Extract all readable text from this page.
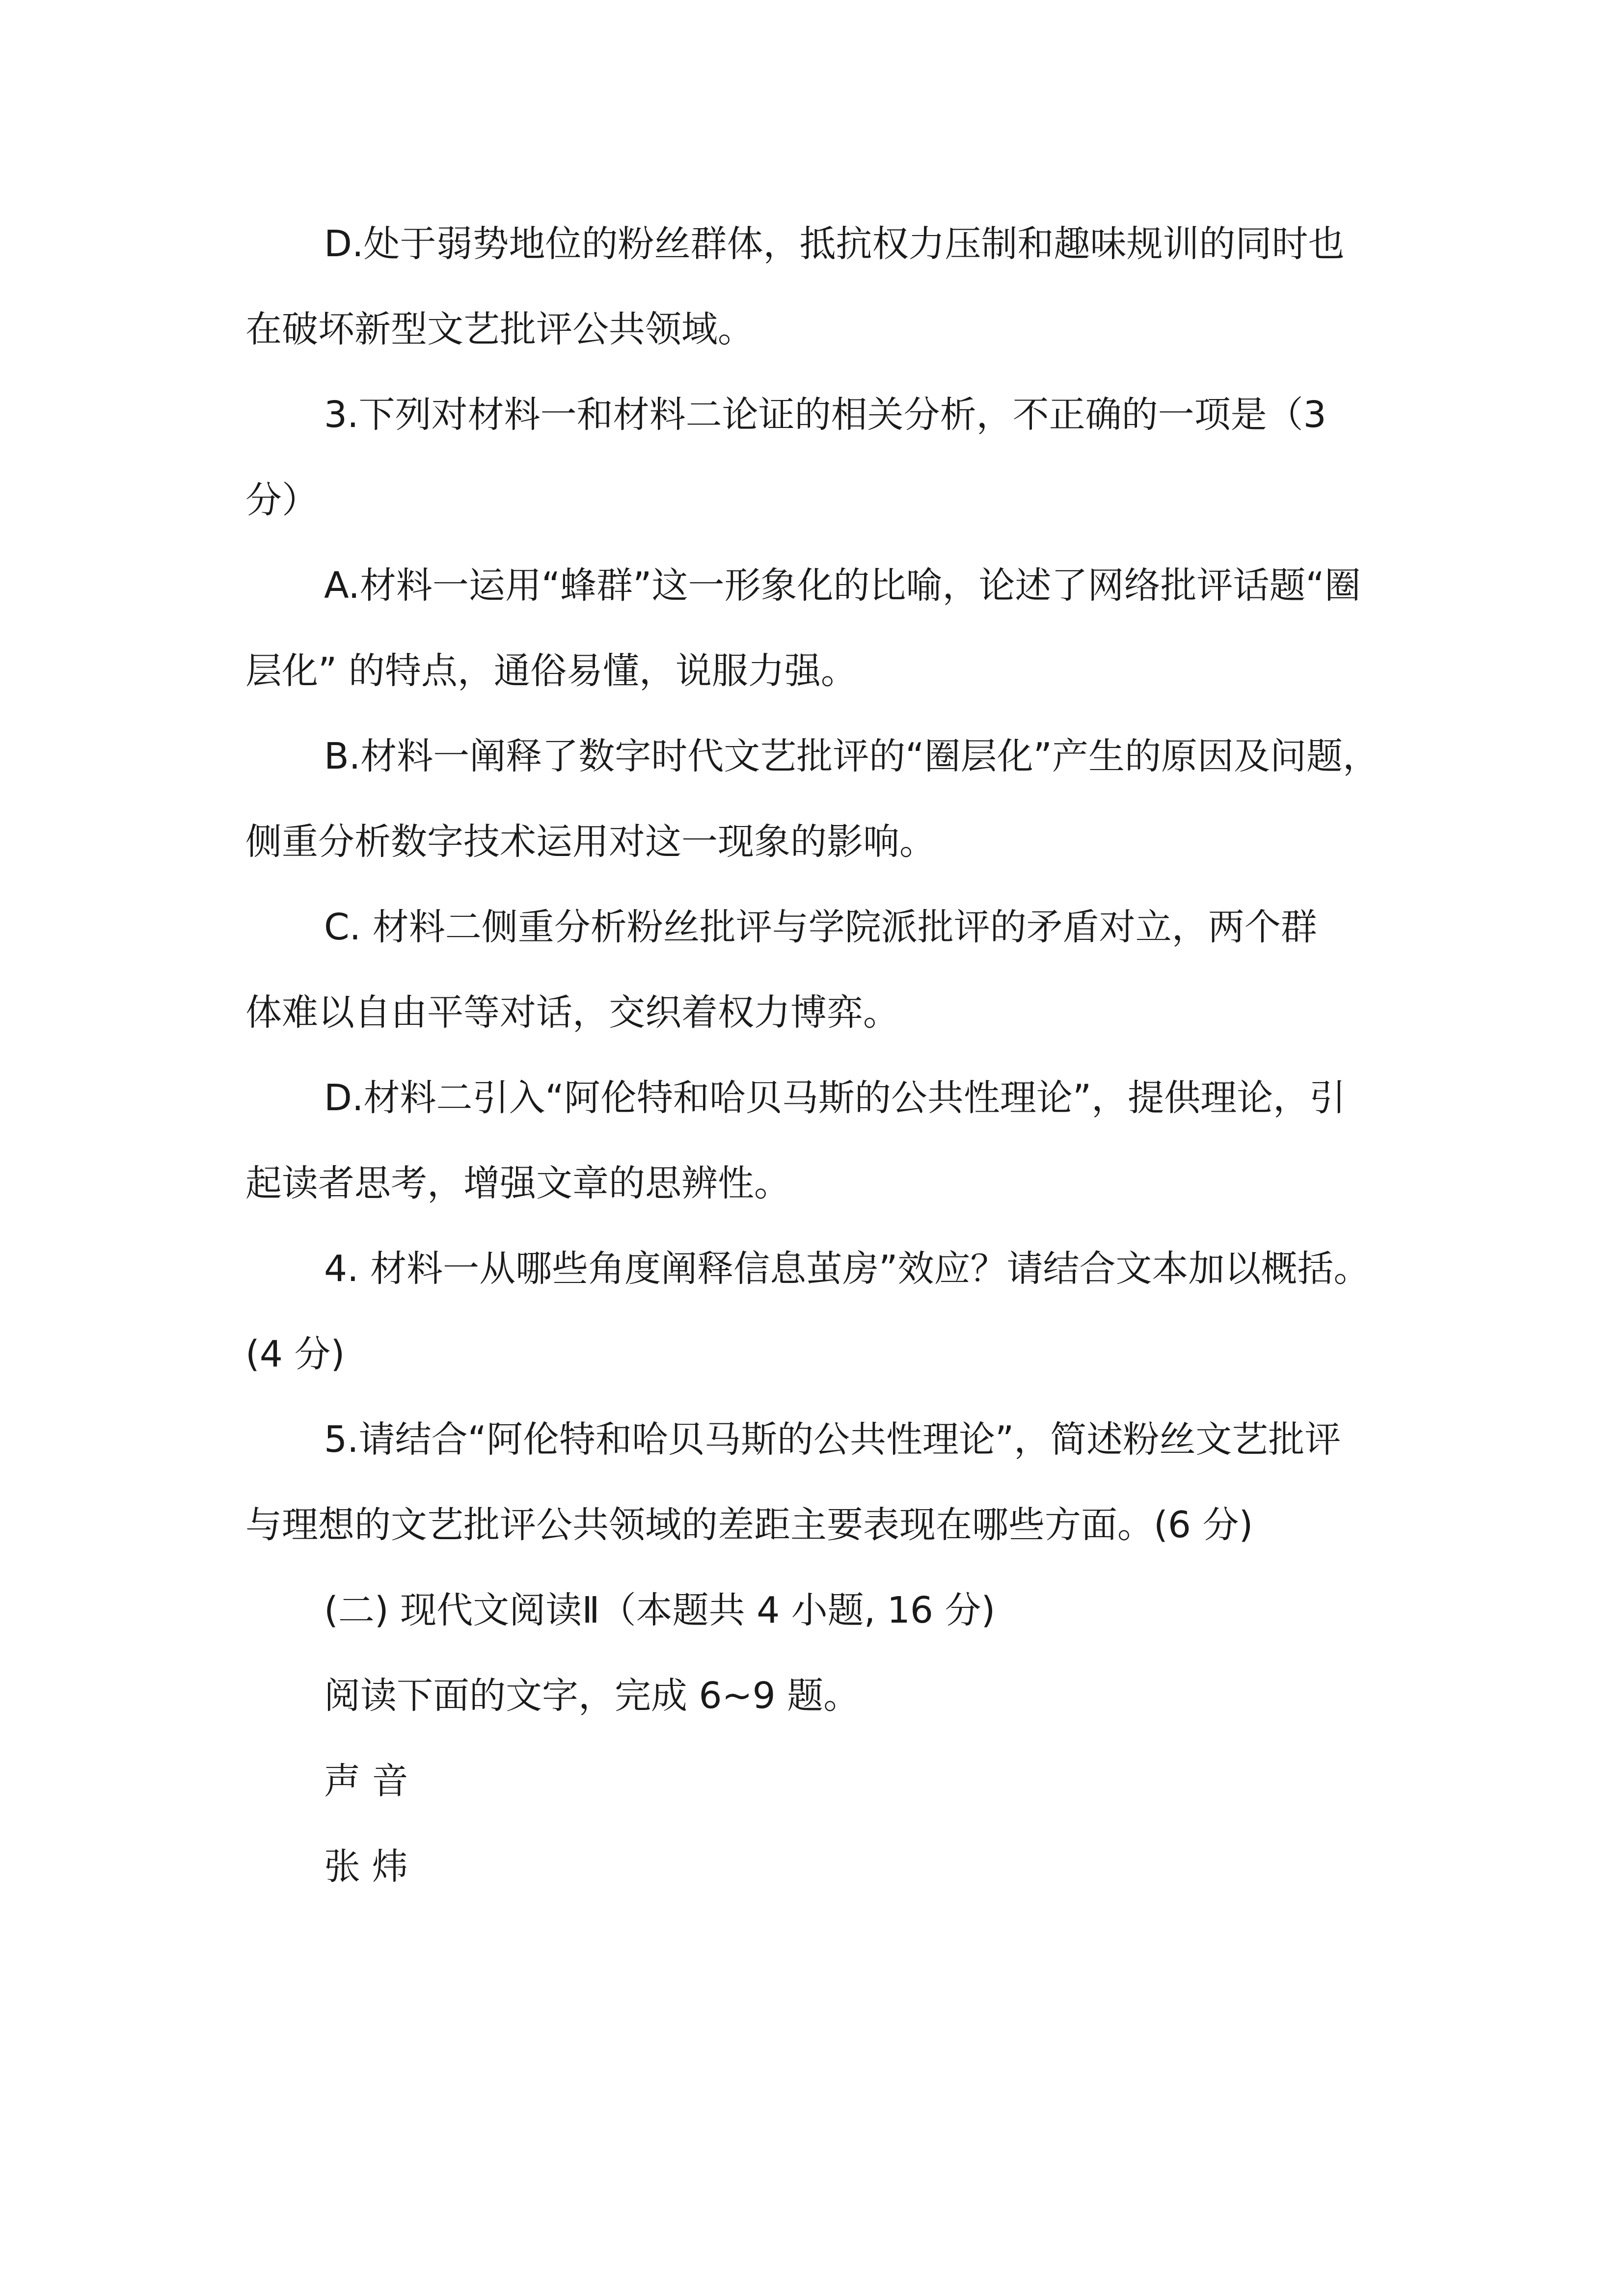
D.处于弱势地位的粉丝群体，抵抗权力压制和趣味规训的同时也
在破坏新型文艺批评公共领域。
3.下列对材料一和材料二论证的相关分析，不正确的一项是（3
分）
A.材料一运用“蜂群”这一形象化的比喻，论述了网络批评话题“圈
层化” 的特点，通俗易懂，说服力强。
B.材料一阐释了数字时代文艺批评的“圈层化”产生的原因及问题，
侧重分析数字技术运用对这一现象的影响。
C. 材料二侧重分析粉丝批评与学院派批评的矛盾对立，两个群
体难以自由平等对话，交织着权力博弈。
D.材料二引入“阿伦特和哈贝马斯的公共性理论”，提供理论，引
起读者思考，增强文章的思辨性。
4. 材料一从哪些角度阐释信息茧房”效应？请结合文本加以概括。
(4 分)
5.请结合“阿伦特和哈贝马斯的公共性理论”，简述粉丝文艺批评
与理想的文艺批评公共领域的差距主要表现在哪些方面。(6 分)
(二) 现代文阅读Ⅱ（本题共 4 小题, 16 分)
阅读下面的文字，完成 6~9 题。
声 音
张 炜
